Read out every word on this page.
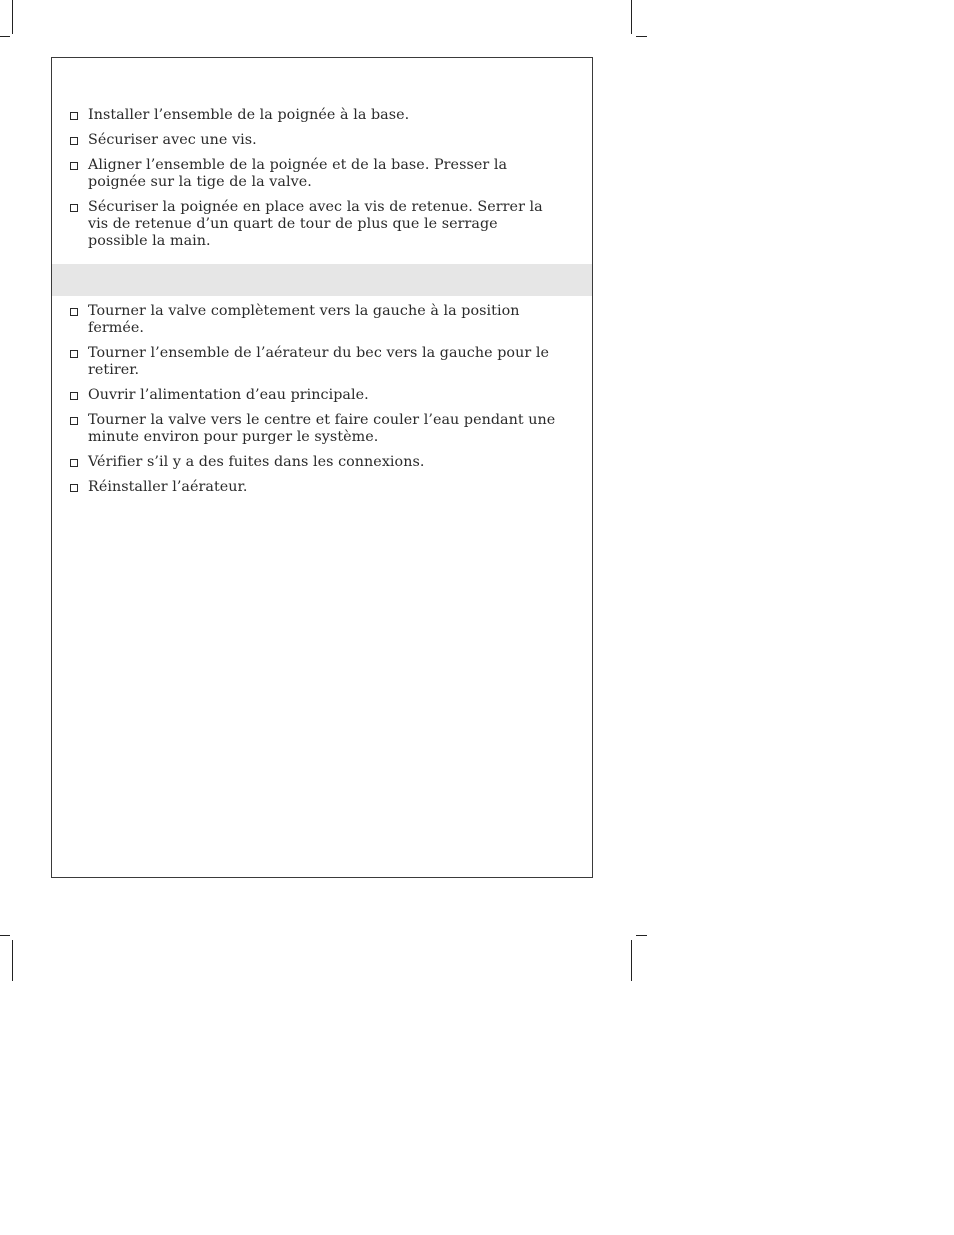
Installer l’ensemble de la poignée à la base.
Sécuriser avec une vis.
Aligner l’ensemble de la poignée et de la base. Presser la poignée sur la tige de la valve.
Sécuriser la poignée en place avec la vis de retenue. Serrer la vis de retenue d’un quart de tour de plus que le serrage possible la main.
Tourner la valve complètement vers la gauche à la position fermée.
Tourner l’ensemble de l’aérateur du bec vers la gauche pour le retirer.
Ouvrir l’alimentation d’eau principale.
Tourner la valve vers le centre et faire couler l’eau pendant une minute environ pour purger le système.
Vérifier s’il y a des fuites dans les connexions.
Réinstaller l’aérateur.
